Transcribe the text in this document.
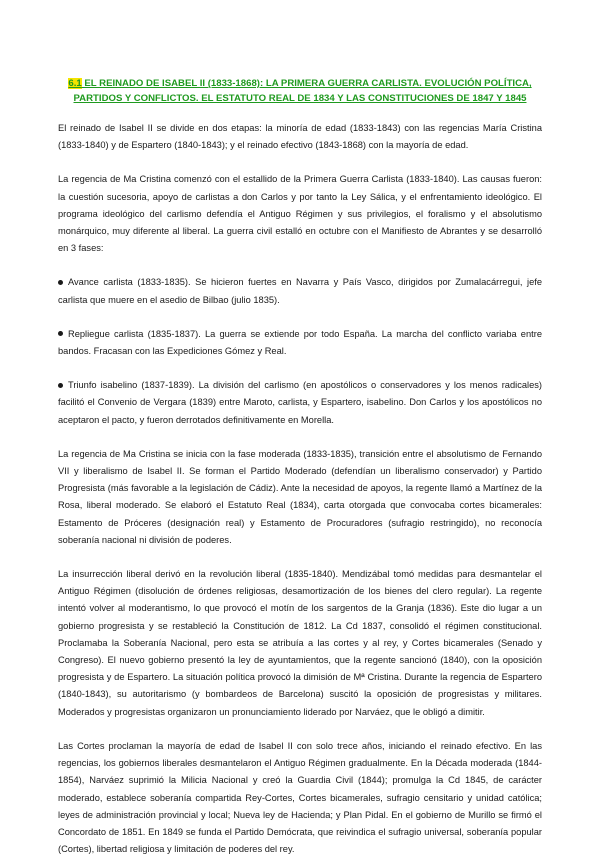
6.1 EL REINADO DE ISABEL II (1833-1868): LA PRIMERA GUERRA CARLISTA. EVOLUCIÓN POLÍTICA, PARTIDOS Y CONFLICTOS. EL ESTATUTO REAL DE 1834 Y LAS CONSTITUCIONES DE 1847 Y 1845

El reinado de Isabel II se divide en dos etapas: la minoría de edad (1833-1843) con las regencias María Cristina (1833-1840) y de Espartero (1840-1843); y el reinado efectivo (1843-1868) con la mayoría de edad.

La regencia de Ma Cristina comenzó con el estallido de la Primera Guerra Carlista (1833-1840). Las causas fueron: la cuestión sucesoria, apoyo de carlistas a don Carlos y por tanto la Ley Sálica, y el enfrentamiento ideológico. El programa ideológico del carlismo defendía el Antiguo Régimen y sus privilegios, el foralismo y el absolutismo monárquico, muy diferente al liberal. La guerra civil estalló en octubre con el Manifiesto de Abrantes y se desarrolló en 3 fases:

Avance carlista (1833-1835). Se hicieron fuertes en Navarra y País Vasco, dirigidos por Zumalacárregui, jefe carlista que muere en el asedio de Bilbao (julio 1835).

Repliegue carlista (1835-1837). La guerra se extiende por todo España. La marcha del conflicto variaba entre bandos. Fracasan con las Expediciones Gómez y Real.

Triunfo isabelino (1837-1839). La división del carlismo (en apostólicos o conservadores y los menos radicales) facilitó el Convenio de Vergara (1839) entre Maroto, carlista, y Espartero, isabelino. Don Carlos y los apostólicos no aceptaron el pacto, y fueron derrotados definitivamente en Morella.

La regencia de Ma Cristina se inicia con la fase moderada (1833-1835), transición entre el absolutismo de Fernando VII y liberalismo de Isabel II. Se forman el Partido Moderado (defendían un liberalismo conservador) y Partido Progresista (más favorable a la legislación de Cádiz). Ante la necesidad de apoyos, la regente llamó a Martínez de la Rosa, liberal moderado. Se elaboró el Estatuto Real (1834), carta otorgada que convocaba cortes bicamerales: Estamento de Próceres (designación real) y Estamento de Procuradores (sufragio restringido), no reconocía soberanía nacional ni división de poderes.

La insurrección liberal derivó en la revolución liberal (1835-1840). Mendizábal tomó medidas para desmantelar el Antiguo Régimen (disolución de órdenes religiosas, desamortización de los bienes del clero regular). La regente intentó volver al moderantismo, lo que provocó el motín de los sargentos de la Granja (1836). Este dio lugar a un gobierno progresista y se restableció la Constitución de 1812. La Cd 1837, consolidó el régimen constitucional. Proclamaba la Soberanía Nacional, pero esta se atribuía a las cortes y al rey, y Cortes bicamerales (Senado y Congreso). El nuevo gobierno presentó la ley de ayuntamientos, que la regente sancionó (1840), con la oposición progresista y de Espartero. La situación política provocó la dimisión de Mª Cristina. Durante la regencia de Espartero (1840-1843), su autoritarismo (y bombardeos de Barcelona) suscitó la oposición de progresistas y militares. Moderados y progresistas organizaron un pronunciamiento liderado por Narváez, que le obligó a dimitir.

Las Cortes proclaman la mayoría de edad de Isabel II con solo trece años, iniciando el reinado efectivo. En las regencias, los gobiernos liberales desmantelaron el Antiguo Régimen gradualmente. En la Década moderada (1844-1854), Narváez suprimió la Milicia Nacional y creó la Guardia Civil (1844); promulga la Cd 1845, de carácter moderado, establece soberanía compartida Rey-Cortes, Cortes bicamerales, sufragio censitario y unidad católica; leyes de administración provincial y local; Nueva ley de Hacienda; y Plan Pidal. En el gobierno de Murillo se firmó el Concordato de 1851. En 1849 se funda el Partido Demócrata, que reivindica el sufragio universal, soberanía popular (Cortes), libertad religiosa y limitación de poderes del rey.
